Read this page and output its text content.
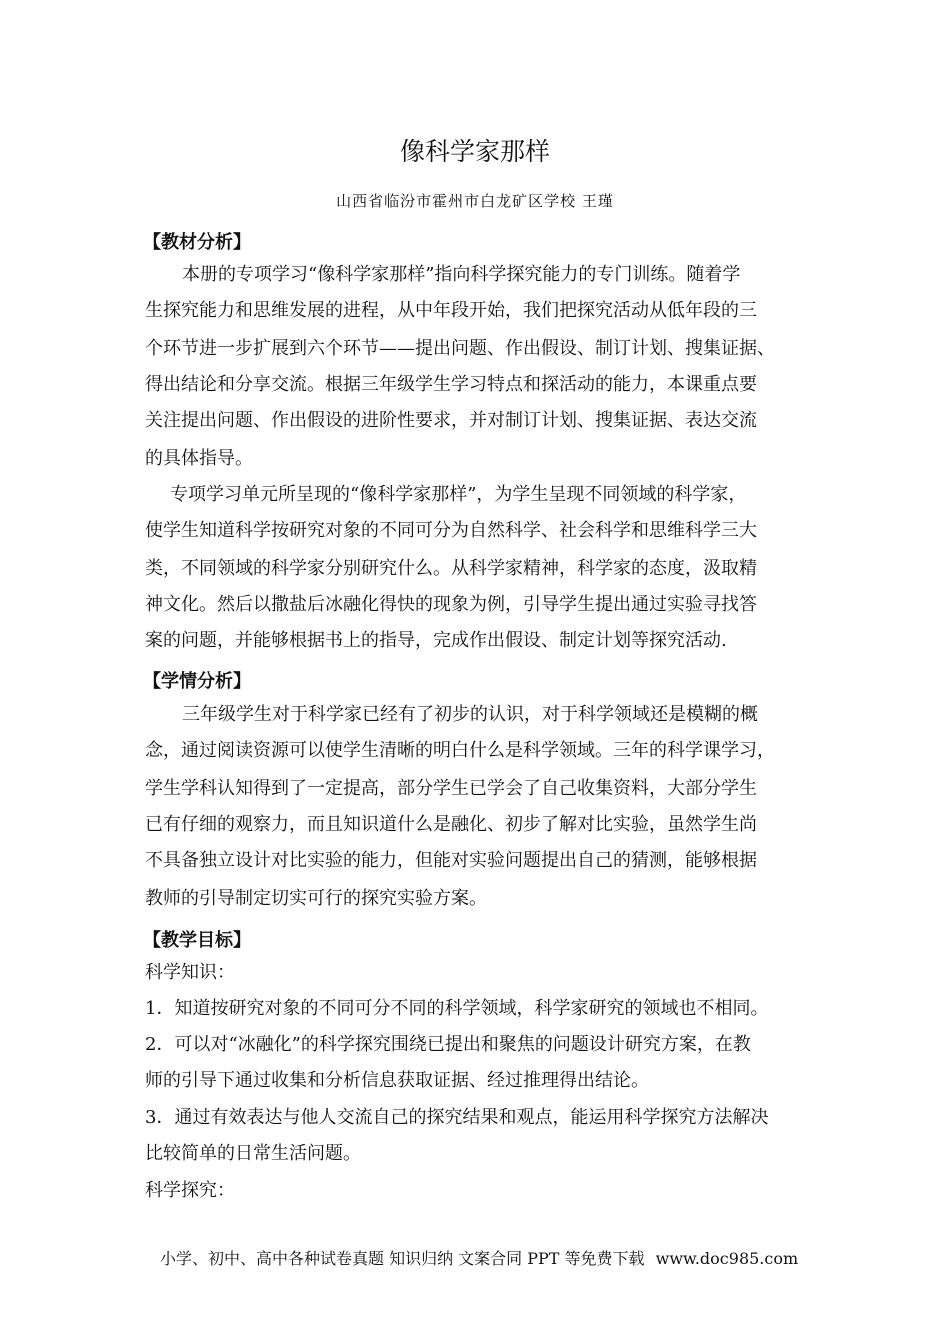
像科学家那样
山西省临汾市霍州市白龙矿区学校 王瑾
【教材分析】
本册的专项学习“像科学家那样”指向科学探究能力的专门训练。随着学
生探究能力和思维发展的进程，从中年段开始，我们把探究活动从低年段的三
个环节进一步扩展到六个环节——提出问题、作出假设、制订计划、搜集证据、
得出结论和分享交流。根据三年级学生学习特点和探活动的能力，本课重点要
关注提出问题、作出假设的进阶性要求，并对制订计划、搜集证据、表达交流
的具体指导。
专项学习单元所呈现的“像科学家那样”，为学生呈现不同领域的科学家，
使学生知道科学按研究对象的不同可分为自然科学、社会科学和思维科学三大
类，不同领域的科学家分别研究什么。从科学家精神，科学家的态度，汲取精
神文化。然后以撒盐后冰融化得快的现象为例，引导学生提出通过实验寻找答
案的问题，并能够根据书上的指导，完成作出假设、制定计划等探究活动.
【学情分析】
三年级学生对于科学家已经有了初步的认识，对于科学领域还是模糊的概
念，通过阅读资源可以使学生清晰的明白什么是科学领域。三年的科学课学习，
学生学科认知得到了一定提高，部分学生已学会了自己收集资料，大部分学生
已有仔细的观察力，而且知识道什么是融化、初步了解对比实验，虽然学生尚
不具备独立设计对比实验的能力，但能对实验问题提出自己的猜测，能够根据
教师的引导制定切实可行的探究实验方案。
【教学目标】
科学知识：
1．知道按研究对象的不同可分不同的科学领域，科学家研究的领域也不相同。
2．可以对“冰融化”的科学探究围绕已提出和聚焦的问题设计研究方案，在教
师的引导下通过收集和分析信息获取证据、经过推理得出结论。
3．通过有效表达与他人交流自己的探究结果和观点，能运用科学探究方法解决
比较简单的日常生活问题。
科学探究：
小学、初中、高中各种试卷真题 知识归纳 文案合同 PPT 等免费下载 www.doc985.com
